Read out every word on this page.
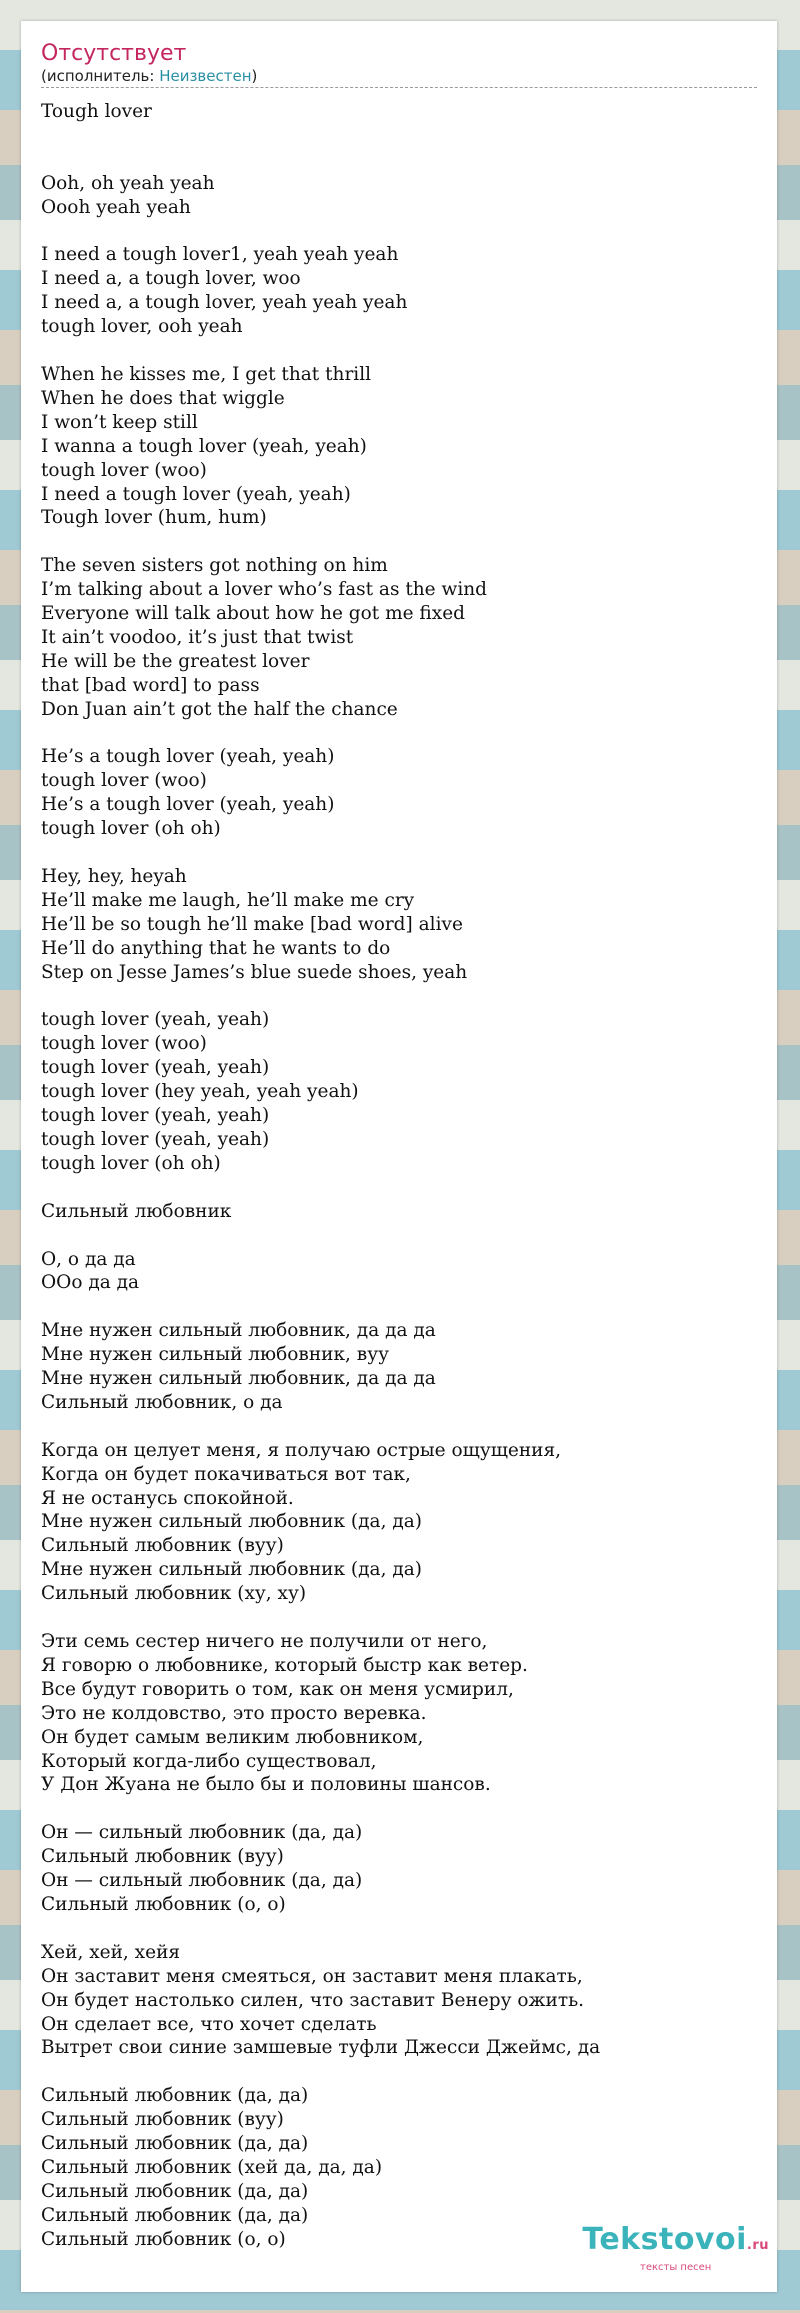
Отсутствует
(исполнитель: Неизвестен)
Tough lover

Ooh, oh yeah yeah
Oooh yeah yeah

I need a tough lover1, yeah yeah yeah
I need a, a tough lover, woo
I need a, a tough lover, yeah yeah yeah
tough lover, ooh yeah

When he kisses me, I get that thrill
When he does that wiggle
I won’t keep still
I wanna a tough lover (yeah, yeah)
tough lover (woo)
I need a tough lover (yeah, yeah)
Tough lover (hum, hum)

The seven sisters got nothing on him
I’m talking about a lover who’s fast as the wind
Everyone will talk about how he got me fixed
It ain’t voodoo, it’s just that twist
He will be the greatest lover
that [bad word] to pass
Don Juan ain’t got the half the chance

He’s a tough lover (yeah, yeah)
tough lover (woo)
He’s a tough lover (yeah, yeah)
tough lover (oh oh)

Hey, hey, heyah
He’ll make me laugh, he’ll make me cry
He’ll be so tough he’ll make [bad word] alive
He’ll do anything that he wants to do
Step on Jesse James’s blue suede shoes, yeah

tough lover (yeah, yeah)
tough lover (woo)
tough lover (yeah, yeah)
tough lover (hey yeah, yeah yeah)
tough lover (yeah, yeah)
tough lover (yeah, yeah)
tough lover (oh oh)

Сильный любовник

О, о да да
ООо да да

Мне нужен сильный любовник, да да да
Мне нужен сильный любовник, вуу
Мне нужен сильный любовник, да да да
Сильный любовник, о да

Когда он целует меня, я получаю острые ощущения,
Когда он будет покачиваться вот так,
Я не останусь спокойной.
Мне нужен сильный любовник (да, да)
Сильный любовник (вуу)
Мне нужен сильный любовник (да, да)
Сильный любовник (ху, ху)

Эти семь сестер ничего не получили от него,
Я говорю о любовнике, который быстр как ветер.
Все будут говорить о том, как он меня усмирил,
Это не колдовство, это просто веревка.
Он будет самым великим любовником,
Который когда-либо существовал,
У Дон Жуана не было бы и половины шансов.

Он — сильный любовник (да, да)
Сильный любовник (вуу)
Он — сильный любовник (да, да)
Сильный любовник (о, о)

Хей, хей, хейя
Он заставит меня смеяться, он заставит меня плакать,
Он будет настолько силен, что заставит Венеру ожить.
Он сделает все, что хочет сделать
Вытрет свои синие замшевые туфли Джесси Джеймс, да

Сильный любовник (да, да)
Сильный любовник (вуу)
Сильный любовник (да, да)
Сильный любовник (хей да, да, да)
Сильный любовник (да, да)
Сильный любовник (да, да)
Сильный любовник (о, о)	Tekstovoi.ru
тексты песен
